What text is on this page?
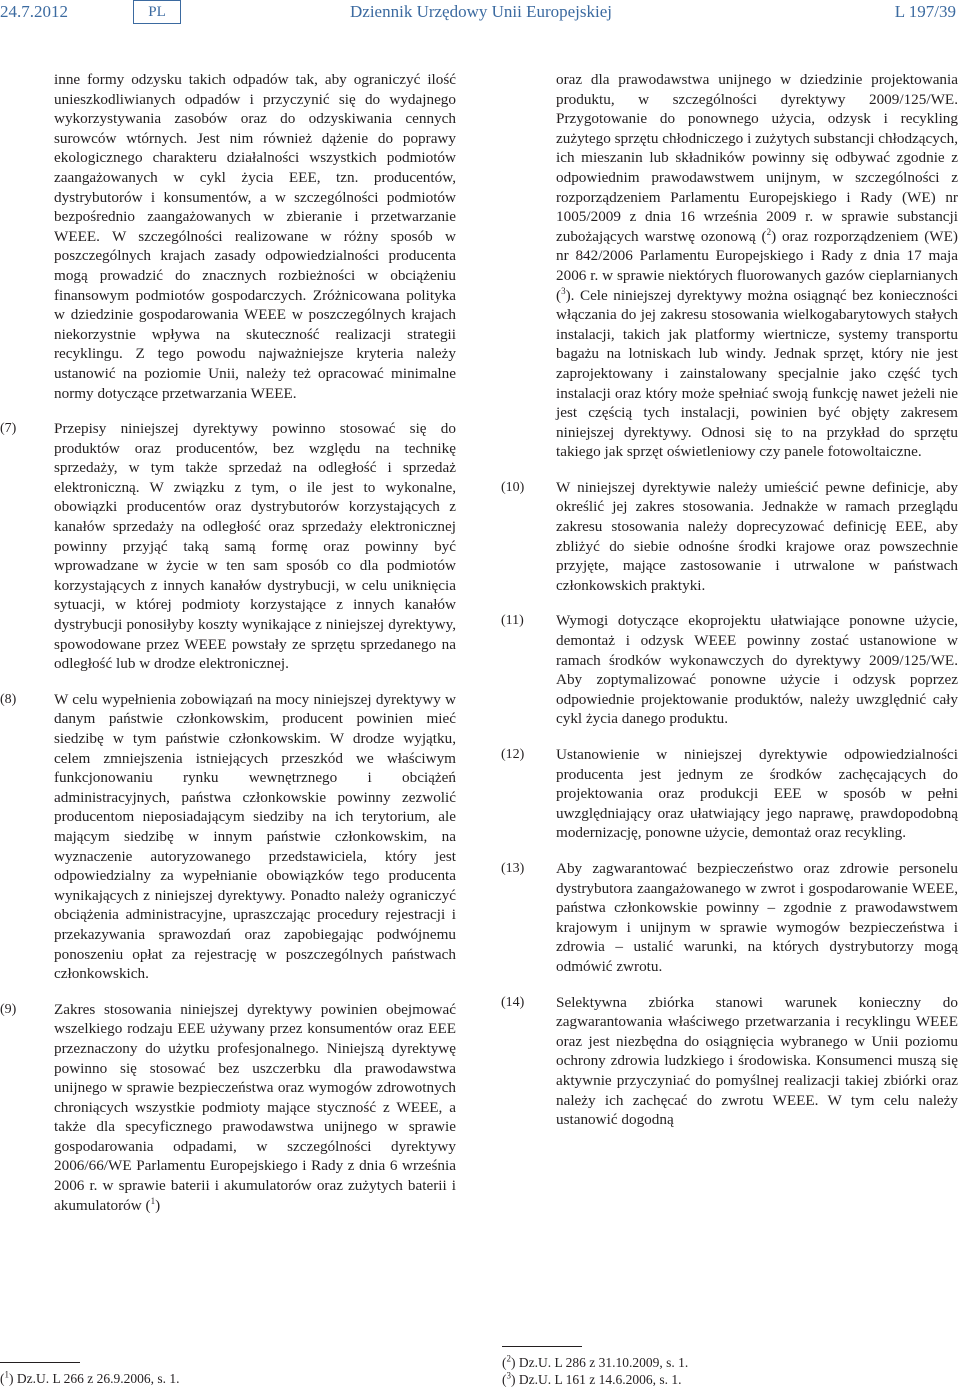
24.7.2012	PL	Dziennik Urzędowy Unii Europejskiej	L 197/39

inne formy odzysku takich odpadów tak, aby ograniczyć ilość unieszkodliwianych odpadów i przyczynić się do wydajnego wykorzystywania zasobów oraz do odzyskiwania cennych surowców wtórnych. Jest nim również dążenie do poprawy ekologicznego charakteru działalności wszystkich podmiotów zaangażowanych w cykl życia EEE, tzn. producentów, dystrybutorów i konsumentów, a w szczególności podmiotów bezpośrednio zaangażowanych w zbieranie i przetwarzanie WEEE. W szczególności realizowane w różny sposób w poszczególnych krajach zasady odpowiedzialności producenta mogą prowadzić do znacznych rozbieżności w obciążeniu finansowym podmiotów gospodarczych. Zróżnicowana polityka w dziedzinie gospodarowania WEEE w poszczególnych krajach niekorzystnie wpływa na skuteczność realizacji strategii recyklingu. Z tego powodu najważniejsze kryteria należy ustanowić na poziomie Unii, należy też opracować minimalne normy dotyczące przetwarzania WEEE.

(7)	Przepisy niniejszej dyrektywy powinno stosować się do produktów oraz producentów, bez względu na technikę sprzedaży, w tym także sprzedaż na odległość i sprzedaż elektroniczną. W związku z tym, o ile jest to wykonalne, obowiązki producentów oraz dystrybutorów korzystających z kanałów sprzedaży na odległość oraz sprzedaży elektronicznej powinny przyjąć taką samą formę oraz powinny być wprowadzane w życie w ten sam sposób co dla podmiotów korzystających z innych kanałów dystrybucji, w celu uniknięcia sytuacji, w której podmioty korzystające z innych kanałów dystrybucji ponosiłyby koszty wynikające z niniejszej dyrektywy, spowodowane przez WEEE powstały ze sprzętu sprzedanego na odległość lub w drodze elektronicznej.

(8)	W celu wypełnienia zobowiązań na mocy niniejszej dyrektywy w danym państwie członkowskim, producent powinien mieć siedzibę w tym państwie członkowskim. W drodze wyjątku, celem zmniejszenia istniejących przeszkód we właściwym funkcjonowaniu rynku wewnętrznego i obciążeń administracyjnych, państwa członkowskie powinny zezwolić producentom nieposiadającym siedziby na ich terytorium, ale mającym siedzibę w innym państwie członkowskim, na wyznaczenie autoryzowanego przedstawiciela, który jest odpowiedzialny za wypełnianie obowiązków tego producenta wynikających z niniejszej dyrektywy. Ponadto należy ograniczyć obciążenia administracyjne, upraszczając procedury rejestracji i przekazywania sprawozdań oraz zapobiegając podwójnemu ponoszeniu opłat za rejestrację w poszczególnych państwach członkowskich.

(9)	Zakres stosowania niniejszej dyrektywy powinien obejmować wszelkiego rodzaju EEE używany przez konsumentów oraz EEE przeznaczony do użytku profesjonalnego. Niniejszą dyrektywę powinno się stosować bez uszczerbku dla prawodawstwa unijnego w sprawie bezpieczeństwa oraz wymogów zdrowotnych chroniących wszystkie podmioty mające styczność z WEEE, a także dla specyficznego prawodawstwa unijnego w sprawie gospodarowania odpadami, w szczególności dyrektywy 2006/66/WE Parlamentu Europejskiego i Rady z dnia 6 września 2006 r. w sprawie baterii i akumulatorów oraz zużytych baterii i akumulatorów ($^1$)

($^1$) Dz.U. L 266 z 26.9.2006, s. 1.

oraz dla prawodawstwa unijnego w dziedzinie projektowania produktu, w szczególności dyrektywy 2009/125/WE. Przygotowanie do ponownego użycia, odzysk i recykling zużytego sprzętu chłodniczego i zużytych substancji chłodzących, ich mieszanin lub składników powinny się odbywać zgodnie z odpowiednim prawodawstwem unijnym, w szczególności z rozporządzeniem Parlamentu Europejskiego i Rady (WE) nr 1005/2009 z dnia 16 września 2009 r. w sprawie substancji zubożających warstwę ozonową ($^2$) oraz rozporządzeniem (WE) nr 842/2006 Parlamentu Europejskiego i Rady z dnia 17 maja 2006 r. w sprawie niektórych fluorowanych gazów cieplarnianych ($^3$). Cele niniejszej dyrektywy można osiągnąć bez konieczności włączania do jej zakresu stosowania wielkogabarytowych stałych instalacji, takich jak platformy wiertnicze, systemy transportu bagażu na lotniskach lub windy. Jednak sprzęt, który nie jest zaprojektowany i zainstalowany specjalnie jako część tych instalacji oraz który może spełniać swoją funkcję nawet jeżeli nie jest częścią tych instalacji, powinien być objęty zakresem niniejszej dyrektywy. Odnosi się to na przykład do sprzętu takiego jak sprzęt oświetleniowy czy panele fotowoltaiczne.

(10)	W niniejszej dyrektywie należy umieścić pewne definicje, aby określić jej zakres stosowania. Jednakże w ramach przeglądu zakresu stosowania należy doprecyzować definicję EEE, aby zbliżyć do siebie odnośne środki krajowe oraz powszechnie przyjęte, mające zastosowanie i utrwalone w państwach członkowskich praktyki.

(11)	Wymogi dotyczące ekoprojektu ułatwiające ponowne użycie, demontaż i odzysk WEEE powinny zostać ustanowione w ramach środków wykonawczych do dyrektywy 2009/125/WE. Aby zoptymalizować ponowne użycie i odzysk poprzez odpowiednie projektowanie produktów, należy uwzględnić cały cykl życia danego produktu.

(12)	Ustanowienie w niniejszej dyrektywie odpowiedzialności producenta jest jednym ze środków zachęcających do projektowania oraz produkcji EEE w sposób w pełni uwzględniający oraz ułatwiający jego naprawę, prawdopodobną modernizację, ponowne użycie, demontaż oraz recykling.

(13)	Aby zagwarantować bezpieczeństwo oraz zdrowie personelu dystrybutora zaangażowanego w zwrot i gospodarowanie WEEE, państwa członkowskie powinny – zgodnie z prawodawstwem krajowym i unijnym w sprawie wymogów bezpieczeństwa i zdrowia – ustalić warunki, na których dystrybutorzy mogą odmówić zwrotu.

(14)	Selektywna zbiórka stanowi warunek konieczny do zagwarantowania właściwego przetwarzania i recyklingu WEEE oraz jest niezbędna do osiągnięcia wybranego w Unii poziomu ochrony zdrowia ludzkiego i środowiska. Konsumenci muszą się aktywnie przyczyniać do pomyślnej realizacji takiej zbiórki oraz należy ich zachęcać do zwrotu WEEE. W tym celu należy ustanowić dogodną

($^2$) Dz.U. L 286 z 31.10.2009, s. 1.
($^3$) Dz.U. L 161 z 14.6.2006, s. 1.
